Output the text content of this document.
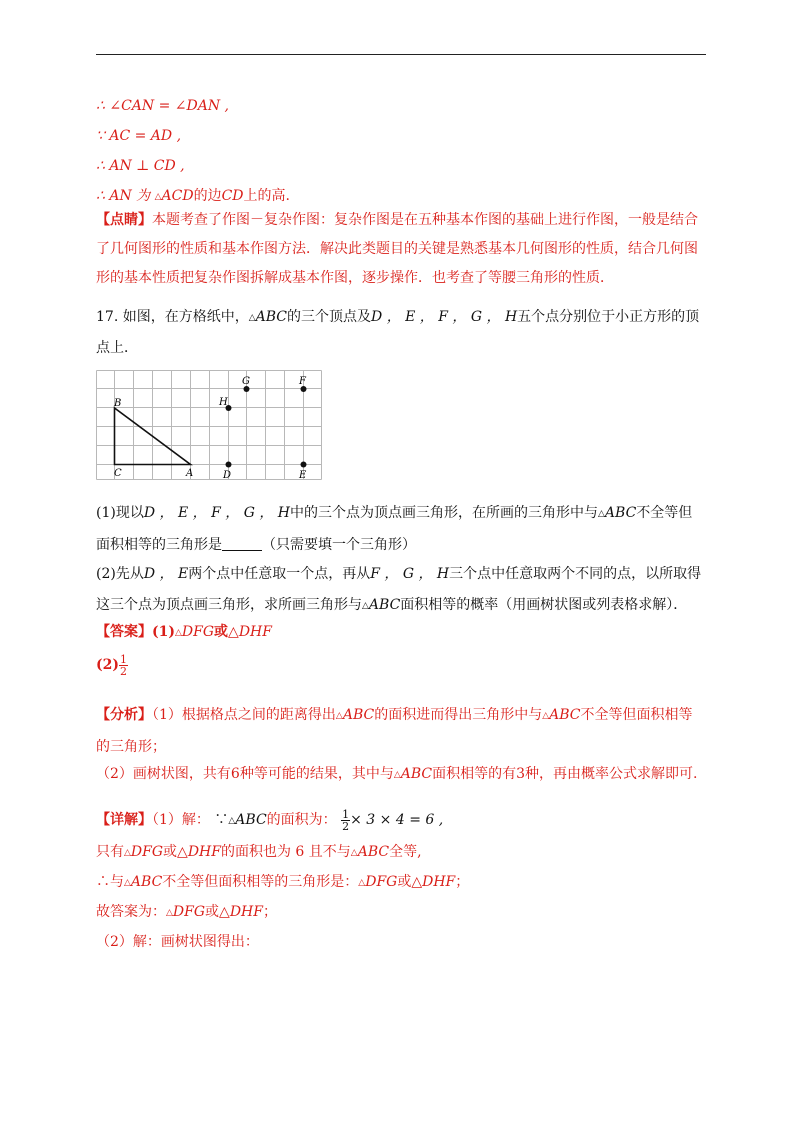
∴ ∠CAN = ∠DAN ,
∵ AC = AD ,
∴ AN ⊥ CD ,
∴ AN 为 △ACD的边CD上的高.
【点睛】本题考查了作图－复杂作图：复杂作图是在五种基本作图的基础上进行作图，一般是结合了几何图形的性质和基本作图方法．解决此类题目的关键是熟悉基本几何图形的性质，结合几何图形的基本性质把复杂作图拆解成基本作图，逐步操作．也考查了等腰三角形的性质．
17. 如图，在方格纸中，△ABC的三个顶点及D ， E ， F ， G ， H五个点分别位于小正方形的顶点上．
B
C	A
H
G	F
D	E
(1)现以D ， E ， F ， G ， H中的三个点为顶点画三角形，在所画的三角形中与△ABC不全等但面积相等的三角形是	（只需要填一个三角形）
(2)先从D ， E两个点中任意取一个点，再从F ， G ， H三个点中任意取两个不同的点，以所取得这三个点为顶点画三角形，求所画三角形与△ABC面积相等的概率（用画树状图或列表格求解）．
【答案】(1)△DFG或△DHF
$(2) \frac{1}{2}$
【分析】（1）根据格点之间的距离得出△ABC的面积进而得出三角形中与△ABC不全等但面积相等的三角形；
（2）画树状图，共有6种等可能的结果，其中与△ABC面积相等的有3种，再由概率公式求解即可.
【详解】（1）解： ∵△ABC的面积为： $\frac{1}{2} \times 3 \times 4 = 6$ ,
只有△DFG或△DHF的面积也为 6 且不与△ABC全等,
∴与△ABC不全等但面积相等的三角形是：△DFG或△DHF；
故答案为：△DFG或△DHF；
（2）解：画树状图得出：
